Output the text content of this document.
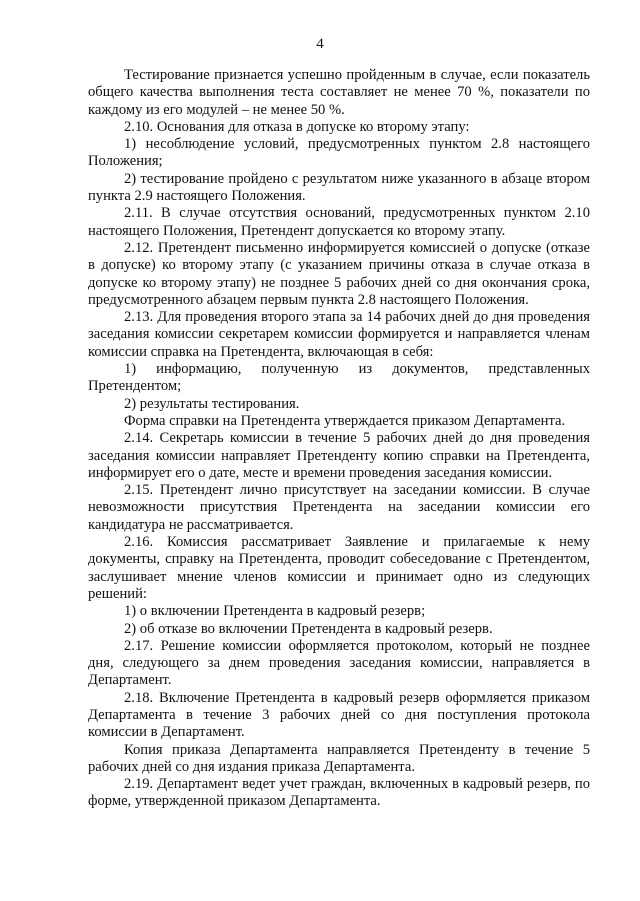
4

Тестирование признается успешно пройденным в случае, если показатель общего качества выполнения теста составляет не менее 70 %, показатели по каждому из его модулей – не менее 50 %.

2.10. Основания для отказа в допуске ко второму этапу:

1) несоблюдение условий, предусмотренных пунктом 2.8 настоящего Положения;

2) тестирование пройдено с результатом ниже указанного в абзаце втором пункта 2.9 настоящего Положения.

2.11. В случае отсутствия оснований, предусмотренных пунктом 2.10 настоящего Положения, Претендент допускается ко второму этапу.

2.12. Претендент письменно информируется комиссией о допуске (отказе в допуске) ко второму этапу (с указанием причины отказа в случае отказа в допуске ко второму этапу) не позднее 5 рабочих дней со дня окончания срока, предусмотренного абзацем первым пункта 2.8 настоящего Положения.

2.13. Для проведения второго этапа за 14 рабочих дней до дня проведения заседания комиссии секретарем комиссии формируется и направляется членам комиссии справка на Претендента, включающая в себя:

1) информацию, полученную из документов, представленных Претендентом;

2) результаты тестирования.

Форма справки на Претендента утверждается приказом Департамента.

2.14. Секретарь комиссии в течение 5 рабочих дней до дня проведения заседания комиссии направляет Претенденту копию справки на Претендента, информирует его о дате, месте и времени проведения заседания комиссии.

2.15. Претендент лично присутствует на заседании комиссии. В случае невозможности присутствия Претендента на заседании комиссии его кандидатура не рассматривается.

2.16. Комиссия рассматривает Заявление и прилагаемые к нему документы, справку на Претендента, проводит собеседование с Претендентом, заслушивает мнение членов комиссии и принимает одно из следующих решений:

1) о включении Претендента в кадровый резерв;

2) об отказе во включении Претендента в кадровый резерв.

2.17. Решение комиссии оформляется протоколом, который не позднее дня, следующего за днем проведения заседания комиссии, направляется в Департамент.

2.18. Включение Претендента в кадровый резерв оформляется приказом Департамента в течение 3 рабочих дней со дня поступления протокола комиссии в Департамент.

Копия приказа Департамента направляется Претенденту в течение 5 рабочих дней со дня издания приказа Департамента.

2.19. Департамент ведет учет граждан, включенных в кадровый резерв, по форме, утвержденной приказом Департамента.
